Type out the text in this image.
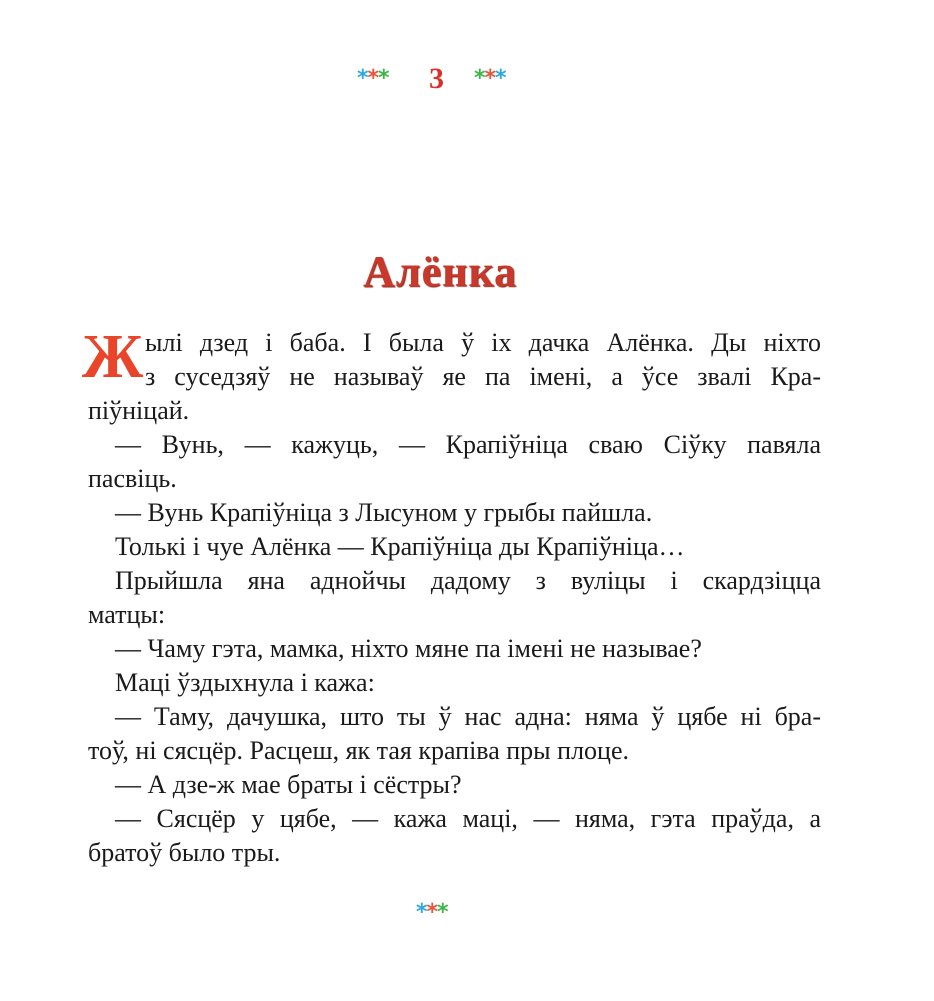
*** 3 ***
Алёнка
Ж ылі дзед і баба. І была ў іх дачка Алёнка. Ды ніхто
з суседзяў не называў яе па імені, а ўсе звалі Кра-
піўніцай.
— Вунь, — кажуць, — Крапіўніца сваю Сіўку павяла
пасвіць.
— Вунь Крапіўніца з Лысуном у грыбы пайшла.
Толькі і чуе Алёнка — Крапіўніца ды Крапіўніца…
Прыйшла яна аднойчы дадому з вуліцы і скардзіцца
матцы:
— Чаму гэта, мамка, ніхто мяне па імені не называе?
Маці ўздыхнула і кажа:
— Таму, дачушка, што ты ў нас адна: няма ў цябе ні бра-
тоў, ні сясцёр. Расцеш, як тая крапіва пры плоце.
— А дзе-ж мае браты і сёстры?
— Сясцёр у цябе, — кажа маці, — няма, гэта праўда, а
братоў было тры.
***
